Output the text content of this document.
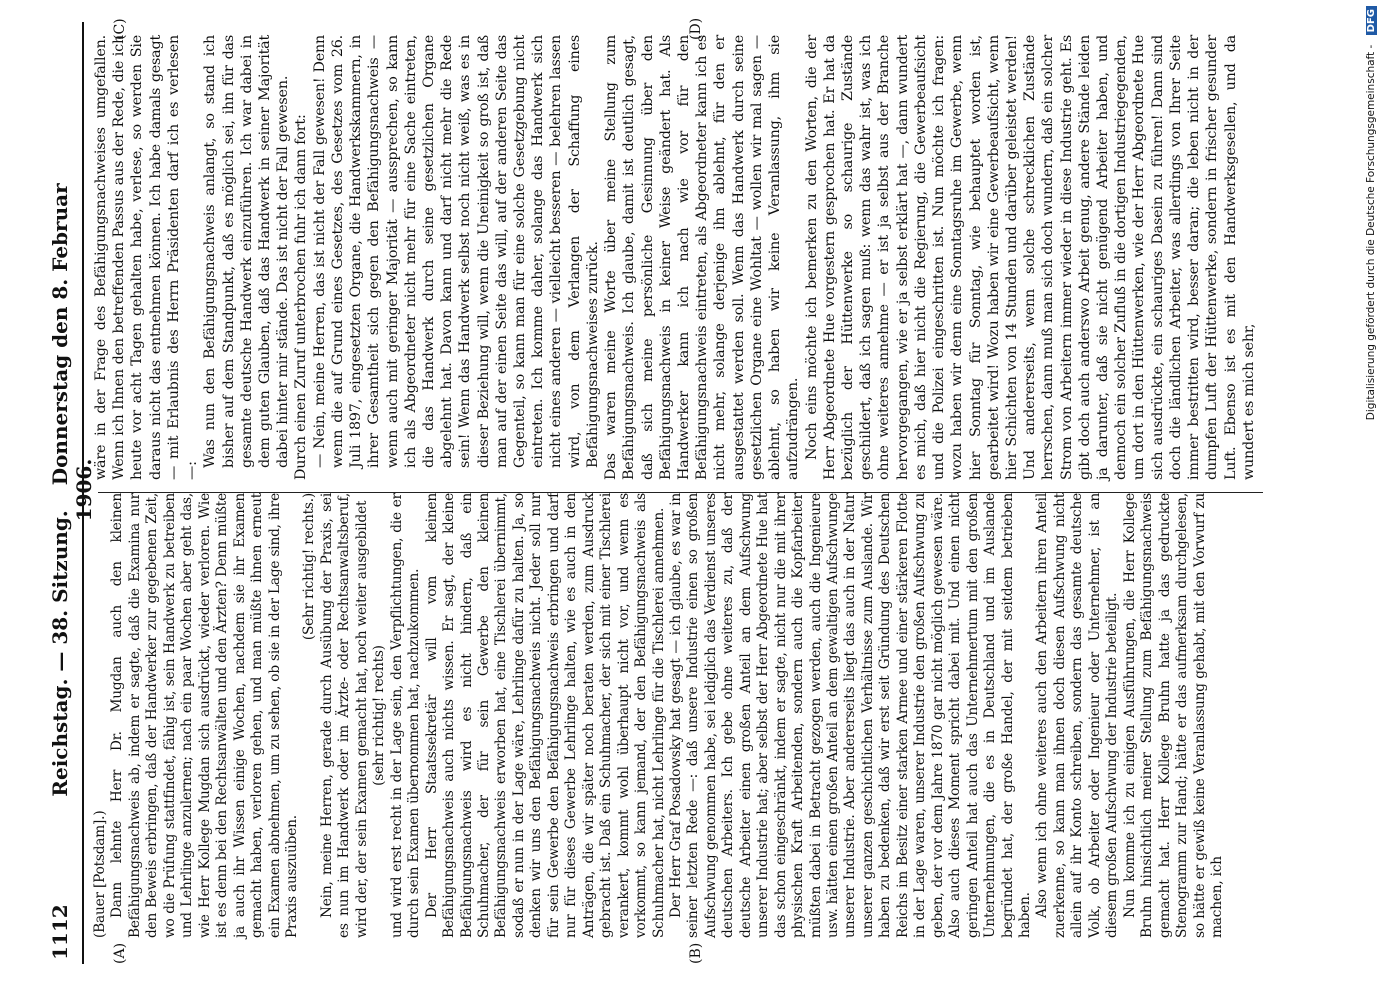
1112
Reichstag. — 38. Sitzung. Donnerstag den 8. Februar 1906.
(A)	(B)
(C)	(D)

(Bauer [Potsdam].) Dann lehnte Herr Dr. Mugdan auch den kleinen Befähigungsnachweis ab, indem er sagte, daß die Examina nur den Beweis erbringen, daß der Handwerker zur gegebenen Zeit, wo die Prüfung stattfindet, fähig ist, sein Handwerk zu betreiben und Lehrlinge anzulernen; nach ein paar Wochen aber geht das, wie Herr Kollege Mugdan sich ausdrückt, wieder verloren. Wie ist es denn bei den Rechtsanwälten und den Ärzten? Denn müßte ja auch ihr Wissen einige Wochen, nachdem sie ihr Examen gemacht haben, verloren gehen, und man müßte ihnen erneut ein Examen abnehmen, um zu sehen, ob sie in der Lage sind, ihre Praxis auszuüben.

(Sehr richtig! rechts.) Nein, meine Herren, gerade durch Ausübung der Praxis, sei es nun im Handwerk oder im Ärzte- oder Rechtsanwaltsberuf, wird der, der sein Examen gemacht hat, noch weiter ausgebildet (sehr richtig! rechts) und wird erst recht in der Lage sein, den Verpflichtungen, die er durch sein Examen übernommen hat, nachzukommen. Der Herr Staatssekretär will vom kleinen Befähigungsnachweis auch nichts wissen. Er sagt, der kleine Befähigungsnachweis wird es nicht hindern, daß ein Schuhmacher, der für sein Gewerbe den kleinen Befähigungsnachweis erworben hat, eine Tischlerei übernimmt, sodaß er nun in der Lage wäre, Lehrlinge dafür zu halten. Ja, so denken wir uns den Befähigungsnachweis nicht. Jeder soll nur für sein Gewerbe den Befähigungsnachweis erbringen und darf nur für dieses Gewerbe Lehrlinge halten, wie es auch in den Anträgen, die wir später noch beraten werden, zum Ausdruck gebracht ist. Daß ein Schuhmacher, der sich mit einer Tischlerei verankert, kommt wohl überhaupt nicht vor, und wenn es vorkommt, so kann jemand, der den Befähigungsnachweis als Schuhmacher hat, nicht Lehrlinge für die Tischlerei annehmen. Der Herr Graf Posadowsky hat gesagt — ich glaube, es war in seiner letzten Rede —: daß unsere Industrie einen so großen Aufschwung genommen habe, sei lediglich das Verdienst unseres deutschen Arbeiters. Ich gebe ohne weiteres zu, daß der deutsche Arbeiter einen großen Anteil an dem Aufschwung unserer Industrie hat; aber selbst der Herr Abgeordnete Hue hat das schon eingeschränkt, indem er sagte, nicht nur die mit ihrer physischen Kraft Arbeitenden, sondern auch die Kopfarbeiter müßten dabei in Betracht gezogen werden, auch die Ingenieure usw. hätten einen großen Anteil an dem gewaltigen Aufschwunge unserer Industrie. Aber andererseits liegt das auch in der Natur unserer ganzen geschichtlichen Verhältnisse zum Auslande. Wir haben zu bedenken, daß wir erst seit Gründung des Deutschen Reichs im Besitz einer starken Armee und einer stärkeren Flotte in der Lage waren, unserer Industrie den großen Aufschwung zu geben, der vor dem Jahre 1870 gar nicht möglich gewesen wäre. Also auch dieses Moment spricht dabei mit. Und einen nicht geringen Anteil hat auch das Unternehmertum mit den großen Unternehmungen, die es in Deutschland und im Auslande begründet hat, der große Handel, der mit seitdem betrieben haben. Also wenn ich ohne weiteres auch den Arbeitern ihren Anteil zuerkenne, so kann man ihnen doch diesen Aufschwung nicht allein auf ihr Konto schreiben, sondern das gesamte deutsche Volk, ob Arbeiter oder Ingenieur oder Unternehmer, ist an diesem großen Aufschwung der Industrie beteiligt. Nun komme ich zu einigen Ausführungen, die Herr Kollege Bruhn hinsichtlich meiner Stellung zum Befähigungsnachweis gemacht hat. Herr Kollege Bruhn hatte ja das gedruckte Stenogramm zur Hand; hätte er das aufmerksam durchgelesen, so hätte er gewiß keine Veranlassung gehabt, mit den Vorwurf zu machen, ich

wäre in der Frage des Befähigungsnachweises umgefallen. Wenn ich Ihnen den betreffenden Passus aus der Rede, die ich heute vor acht Tagen gehalten habe, verlese, so werden Sie daraus nicht das entnehmen können. Ich habe damals gesagt — mit Erlaubnis des Herrn Präsidenten darf ich es verlesen —:

Was nun den Befähigungsnachweis anlangt, so stand ich bisher auf dem Standpunkt, daß es möglich sei, ihn für das gesamte deutsche Handwerk einzuführen. Ich war dabei in dem guten Glauben, daß das Handwerk in seiner Majorität dabei hinter mir stände. Das ist nicht der Fall gewesen. Durch einen Zuruf unterbrochen fuhr ich dann fort: — Nein, meine Herren, das ist nicht der Fall gewesen! Denn wenn die auf Grund eines Gesetzes, des Gesetzes vom 26. Juli 1897, eingesetzten Organe, die Handwerkskammern, in ihrer Gesamtheit sich gegen den Befähigungsnachweis — wenn auch mit geringer Majorität — aussprechen, so kann ich als Abgeordneter nicht mehr für eine Sache eintreten, die das Handwerk durch seine gesetzlichen Organe abgelehnt hat. Davon kann und darf nicht mehr die Rede sein! Wenn das Handwerk selbst noch nicht weiß, was es in dieser Beziehung will, wenn die Uneinigkeit so groß ist, daß man auf der einen Seite das will, auf der anderen Seite das Gegenteil, so kann man für eine solche Gesetzgebung nicht eintreten. Ich komme daher, solange das Handwerk sich nicht eines anderen — vielleicht besseren — belehren lassen wird, von dem Verlangen der Schaffung eines Befähigungsnachweises zurück. Das waren meine Worte über meine Stellung zum Befähigungsnachweis. Ich glaube, damit ist deutlich gesagt, daß sich meine persönliche Gesinnung über den Befähigungsnachweis in keiner Weise geändert hat. Als Handwerker kann ich nach wie vor für den Befähigungsnachweis eintreten, als Abgeordneter kann ich es nicht mehr, solange derjenige ihn ablehnt, für den er ausgestattet werden soll. Wenn das Handwerk durch seine gesetzlichen Organe eine Wohltat — wollen wir mal sagen — ablehnt, so haben wir keine Veranlassung, ihm sie aufzudrängen. Noch eins möchte ich bemerken zu den Worten, die der Herr Abgeordnete Hue vorgestern gesprochen hat. Er hat da bezüglich der Hüttenwerke so schaurige Zustände geschildert, daß ich sagen muß: wenn das wahr ist, was ich ohne weiteres annehme — er ist ja selbst aus der Branche hervorgegangen, wie er ja selbst erklärt hat —, dann wundert es mich, daß hier nicht die Regierung, die Gewerbeaufsicht und die Polizei eingeschritten ist. Nun möchte ich fragen: wozu haben wir denn eine Sonntagsruhe im Gewerbe, wenn hier Sonntag für Sonntag, wie behauptet worden ist, gearbeitet wird! Wozu haben wir eine Gewerbeaufsicht, wenn hier Schichten von 14 Stunden und darüber geleistet werden! Und andererseits, wenn solche schrecklichen Zustände herrschen, dann muß man sich doch wundern, daß ein solcher Strom von Arbeitern immer wieder in diese Industrie geht. Es gibt doch auch anderswo Arbeit genug, andere Stände leiden ja darunter, daß sie nicht genügend Arbeiter haben, und dennoch ein solcher Zufluß in die dortigen Industriegegenden, um dort in den Hüttenwerken, wie der Herr Abgeordnete Hue sich ausdrückte, ein schauriges Dasein zu führen! Dann sind doch die ländlichen Arbeiter, was allerdings von Ihrer Seite immer bestritten wird, besser daran; die leben nicht in der dumpfen Luft der Hüttenwerke, sondern in frischer gesunder Luft. Ebenso ist es mit den Handwerksgesellen, und da wundert es mich sehr,	Digitalisierung gefördert durch die Deutsche Forschungsgemeinschaft - DFG
